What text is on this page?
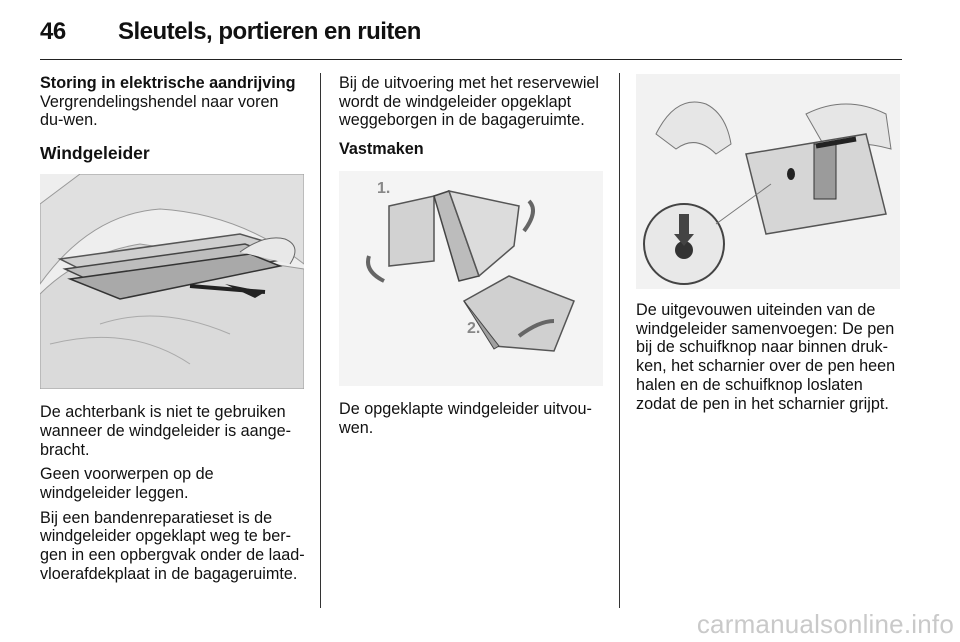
46 Sleutels, portieren en ruiten

Storing in elektrische aandrijving

Vergrendelingshendel naar voren du-wen.

Windgeleider

De achterbank is niet te gebruiken wanneer de windgeleider is aange-bracht.

Geen voorwerpen op de windgeleider leggen.

Bij een bandenreparatieset is de windgeleider opgeklapt weg te ber-gen in een opbergvak onder de laad-vloerafdekplaat in de bagageruimte.

Bij de uitvoering met het reservewiel wordt de windgeleider opgeklapt weggeborgen in de bagageruimte.

Vastmaken

1.
2.

De opgeklapte windgeleider uitvou-wen.

De uitgevouwen uiteinden van de windgeleider samenvoegen: De pen bij de schuifknop naar binnen druk-ken, het scharnier over de pen heen halen en de schuifknop loslaten zodat de pen in het scharnier grijpt.

carmanualsonline.info
